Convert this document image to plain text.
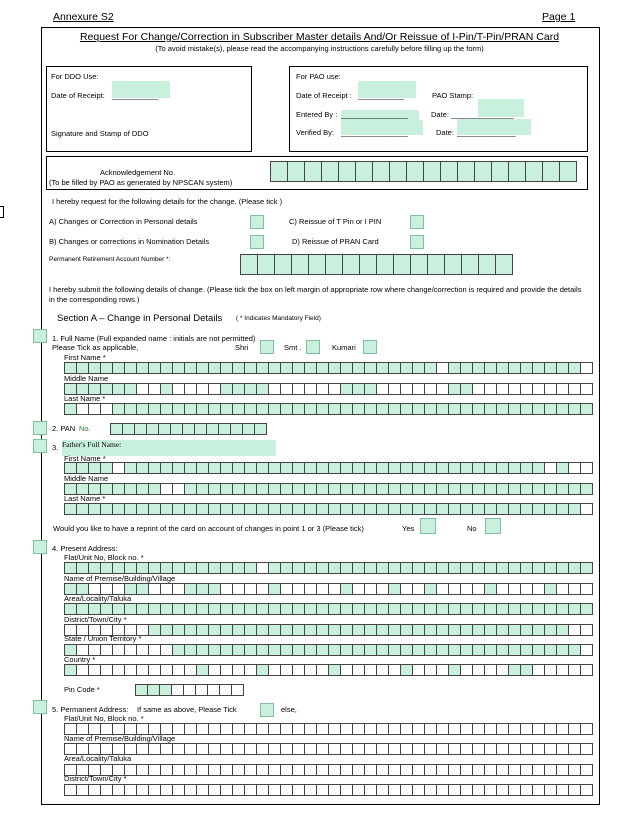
Annexure S2	Page 1
Request For Change/Correction in Subscriber Master details And/Or Reissue of I-Pin/T-Pin/PRAN Card
(To avoid mistake(s), please read the accompanying instructions carefully before filling up the form)
For DDO Use:
Date of Receipt: ___________
Signature and Stamp of DDO
For PAO use:
Date of Receipt : ___________	PAO Stamp:
Entered By : ________________	Date: _______________
Verified By: ________________	Date: ______________
Acknowledgement No.
(To be filled by PAO as generated by NPSCAN system)
I hereby request for the following details for the change. (Please tick )
A) Changes or Correction in Personal details	C) Reissue of T Pin or I PIN
B) Changes or corrections in Nomination Details	D) Reissue of PRAN Card
Permanent Retirement Account Number *:
I hereby submit the following details of change. (Please tick the box on left margin of appropriate row where change/correction is required and provide the details in the corresponding rows.)
Section A – Change in Personal Details ( * Indicates Mandatory Field)
1. Full Name (Full expanded name : initials are not permitted)
Please Tick as applicable,	Shri	Smt .	Kumari
First Name *
Middle Name
Last Name *
2. PAN No.
3. Father's Full Name:
First Name *
Middle Name
Last Name *
Would you like to have a reprint of the card on account of changes in point 1 or 3 (Please tick)	Yes	No
4. Present Address:
Flat/Unit No, Block no. *
Name of Premise/Building/Village
Area/Locality/Taluka
District/Town/City *
State / Union Territory *
Country *
Pin Code *
5. Permanent Address: If same as above, Please Tick	else,
Flat/Unit No, Block no. *
Name of Premise/Building/Village
Area/Locality/Taluka
District/Town/City *
